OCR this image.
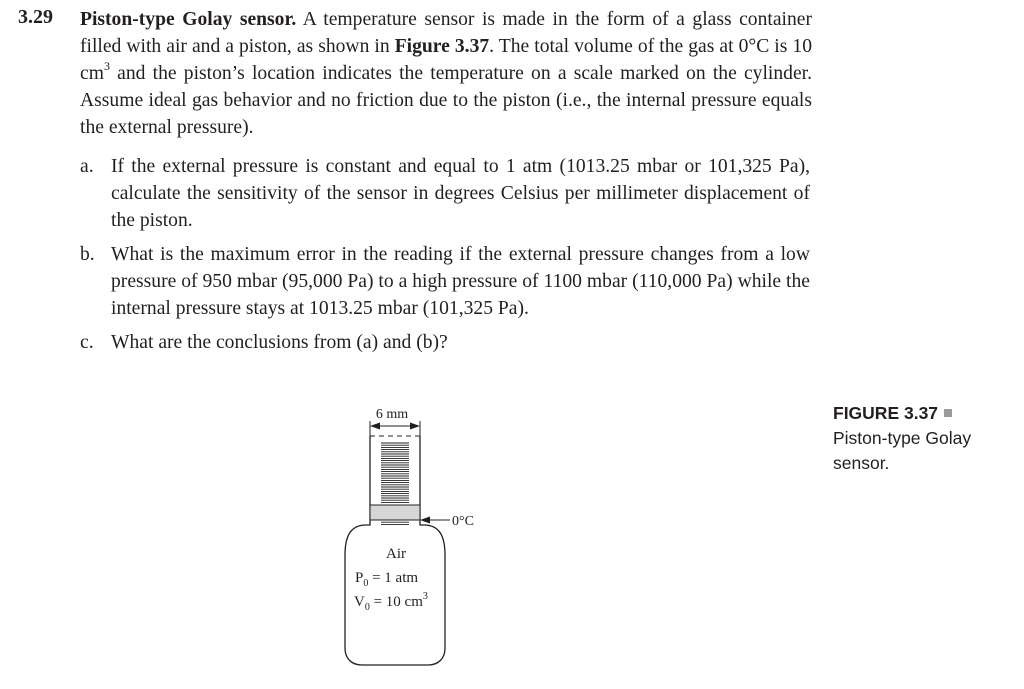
3.29 Piston-type Golay sensor. A temperature sensor is made in the form of a glass container filled with air and a piston, as shown in Figure 3.37. The total volume of the gas at 0°C is 10 $cm^3$ and the piston’s location indicates the temperature on a scale marked on the cylinder. Assume ideal gas behavior and no friction due to the piston (i.e., the internal pressure equals the external pressure).
a. If the external pressure is constant and equal to 1 atm (1013.25 mbar or 101,325 Pa), calculate the sensitivity of the sensor in degrees Celsius per millimeter displacement of the piston.
b. What is the maximum error in the reading if the external pressure changes from a low pressure of 950 mbar (95,000 Pa) to a high pressure of 1100 mbar (110,000 Pa) while the internal pressure stays at 1013.25 mbar (101,325 Pa).
c. What are the conclusions from (a) and (b)?
6 mm
0°C
Air
$P_0 = 1$ atm
$V_0 = 10$ $cm^3$
FIGURE 3.37
Piston-type Golay sensor.
